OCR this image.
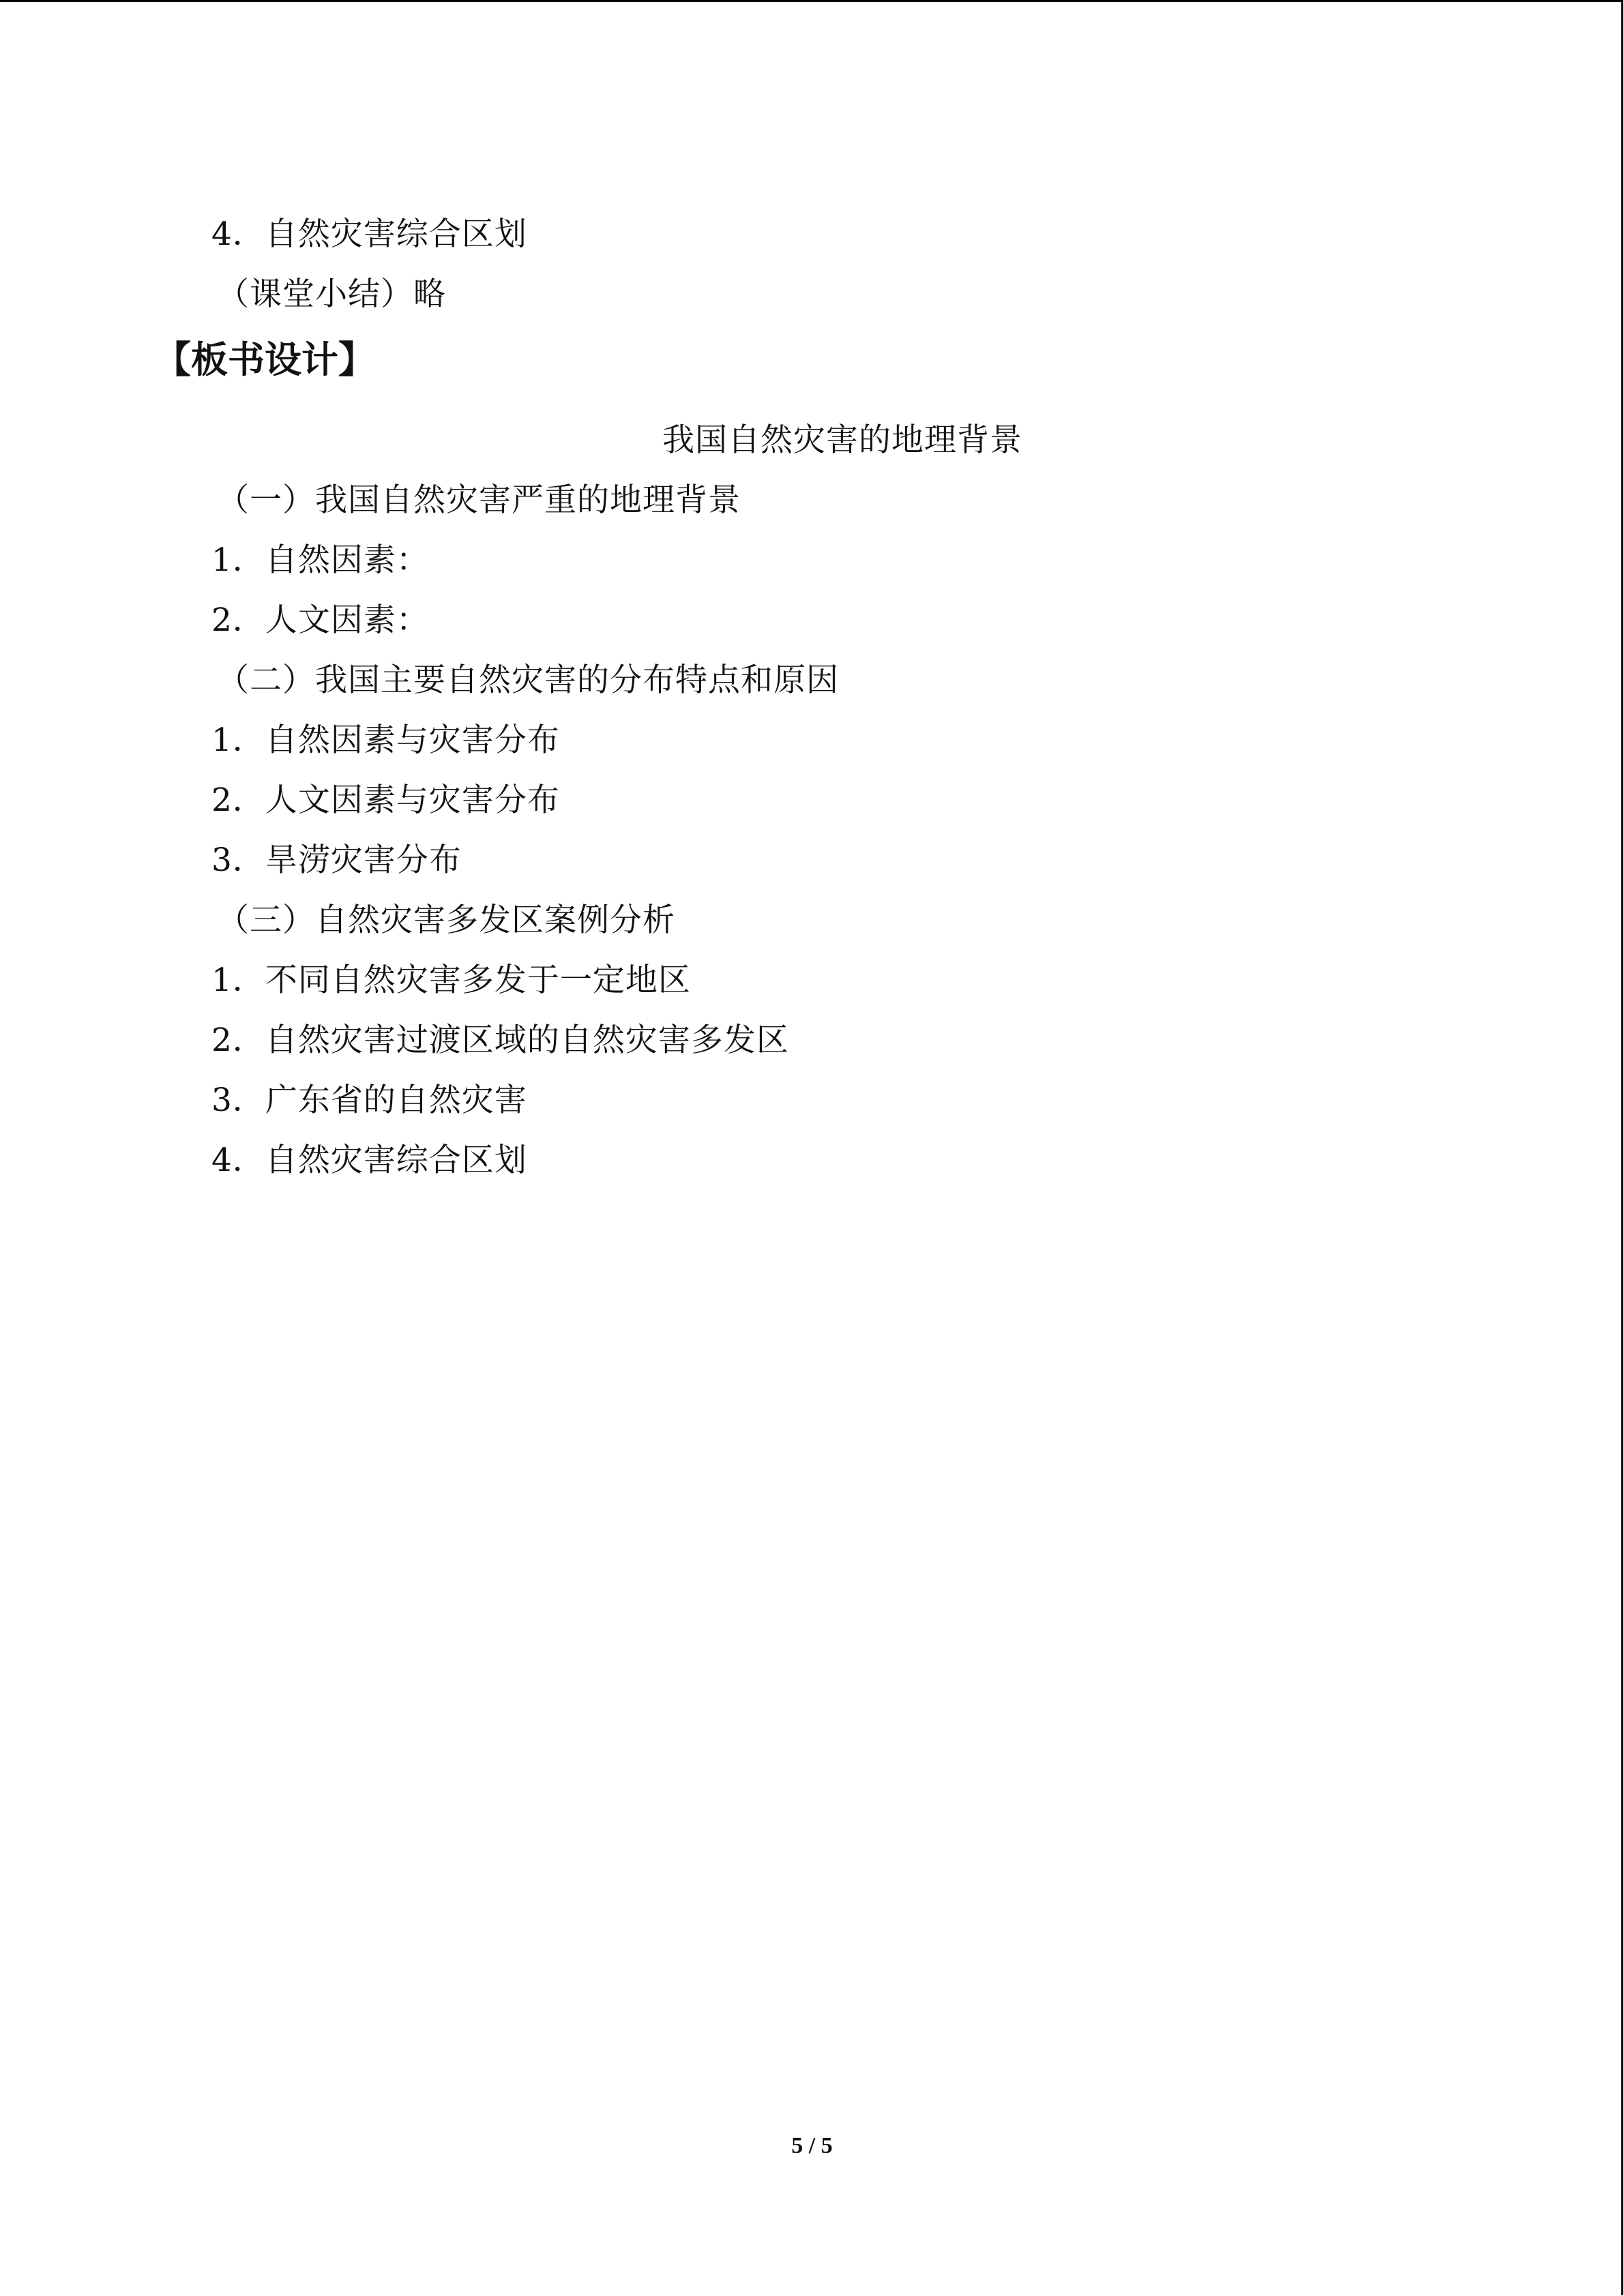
4．自然灾害综合区划
（课堂小结）略
【板书设计】
我国自然灾害的地理背景
（一）我国自然灾害严重的地理背景
1．自然因素：
2．人文因素：
（二）我国主要自然灾害的分布特点和原因
1．自然因素与灾害分布
2．人文因素与灾害分布
3．旱涝灾害分布
（三）自然灾害多发区案例分析
1．不同自然灾害多发于一定地区
2．自然灾害过渡区域的自然灾害多发区
3．广东省的自然灾害
4．自然灾害综合区划
5 / 5
